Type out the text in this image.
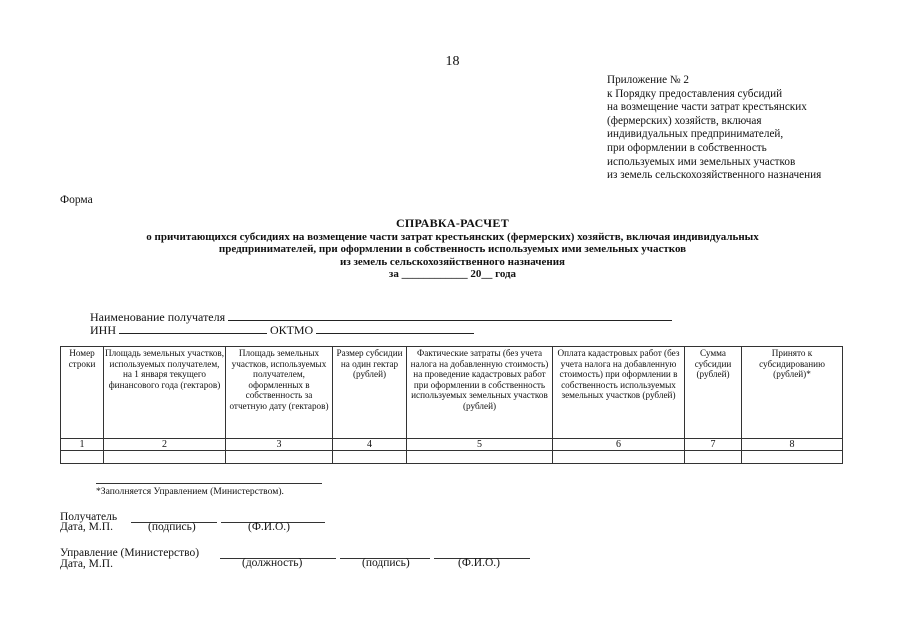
18
Приложение № 2
к Порядку предоставления субсидий
на возмещение части затрат крестьянских
(фермерских) хозяйств, включая
индивидуальных предпринимателей,
при оформлении в собственность
используемых ими земельных участков
из земель сельскохозяйственного назначения
Форма
СПРАВКА-РАСЧЕТ
о причитающихся субсидиях на возмещение части затрат крестьянских (фермерских) хозяйств, включая индивидуальных
предпринимателей, при оформлении в собственность используемых ими земельных участков
из земель сельскохозяйственного назначения
за ____________ 20__ года
Наименование получателя
ИНН	ОКТМО
Номер строки	Площадь земельных участков, используемых получателем, на 1 января текущего финансового года (гектаров)	Площадь земельных участков, используемых получателем, оформленных в собственность за отчетную дату (гектаров)	Размер субсидии на один гектар (рублей)	Фактические затраты (без учета налога на добавленную стоимость) на проведение кадастровых работ при оформлении в собственность используемых земельных участков (рублей)	Оплата кадастровых работ (без учета налога на добавленную стоимость) при оформлении в собственность используемых земельных участков (рублей)	Сумма субсидии (рублей)	Принято к субсидированию (рублей)*
1	2	3	4	5	6	7	8

*Заполняется Управлением (Министерством).
Получатель
Дата, М.П.	(подпись)	(Ф.И.О.)
Управление (Министерство)
Дата, М.П.	(должность)	(подпись)	(Ф.И.О.)
